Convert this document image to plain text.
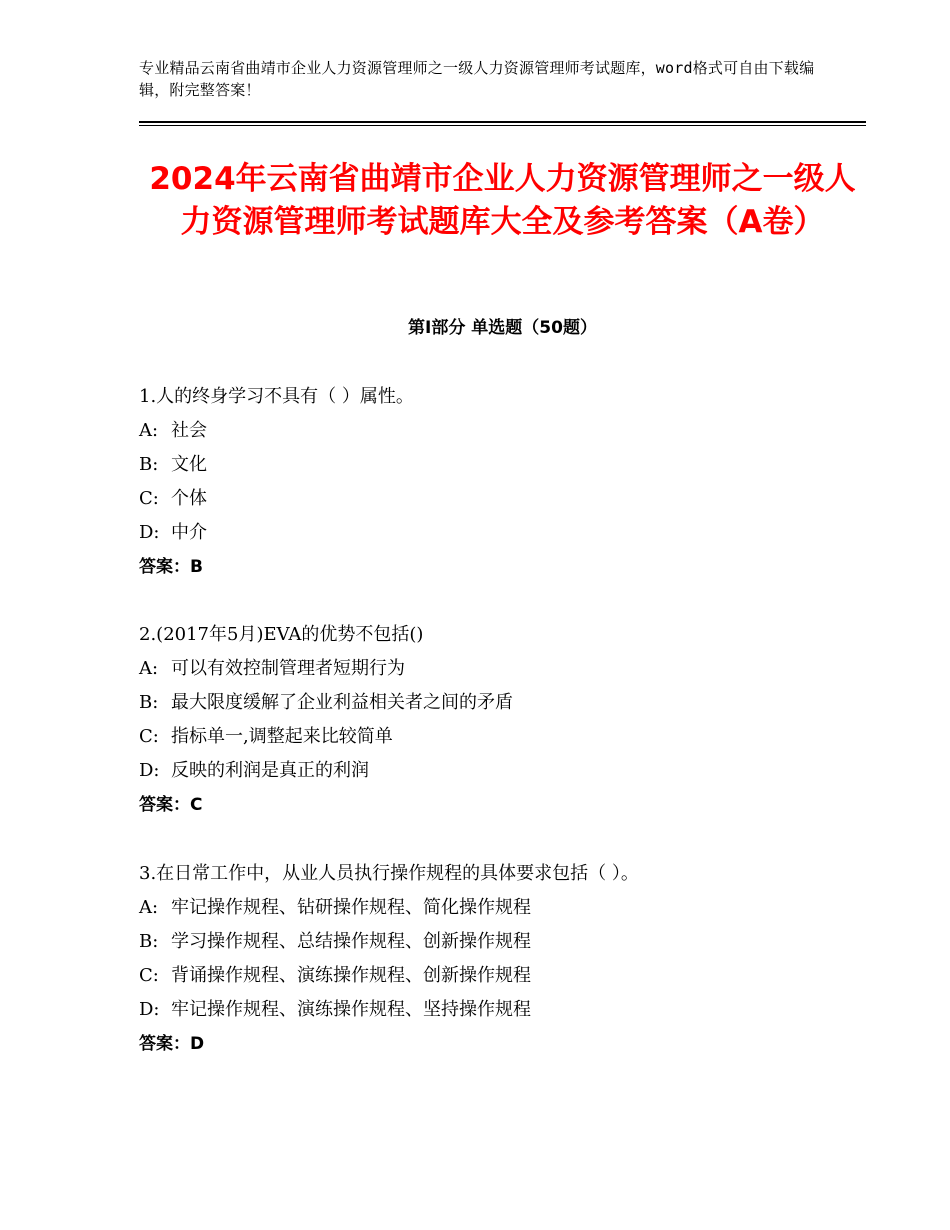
专业精品云南省曲靖市企业人力资源管理师之一级人力资源管理师考试题库，word格式可自由下载编辑，附完整答案！
2024年云南省曲靖市企业人力资源管理师之一级人力资源管理师考试题库大全及参考答案（A卷）
第Ⅰ部分 单选题（50题）
1.人的终身学习不具有（ ）属性。
A: 社会
B: 文化
C: 个体
D: 中介
答案：B
2.(2017年5月)EVA的优势不包括()
A: 可以有效控制管理者短期行为
B: 最大限度缓解了企业利益相关者之间的矛盾
C: 指标单一,调整起来比较简单
D: 反映的利润是真正的利润
答案：C
3.在日常工作中，从业人员执行操作规程的具体要求包括（ ）。
A: 牢记操作规程、钻研操作规程、简化操作规程
B: 学习操作规程、总结操作规程、创新操作规程
C: 背诵操作规程、演练操作规程、创新操作规程
D: 牢记操作规程、演练操作规程、坚持操作规程
答案：D
